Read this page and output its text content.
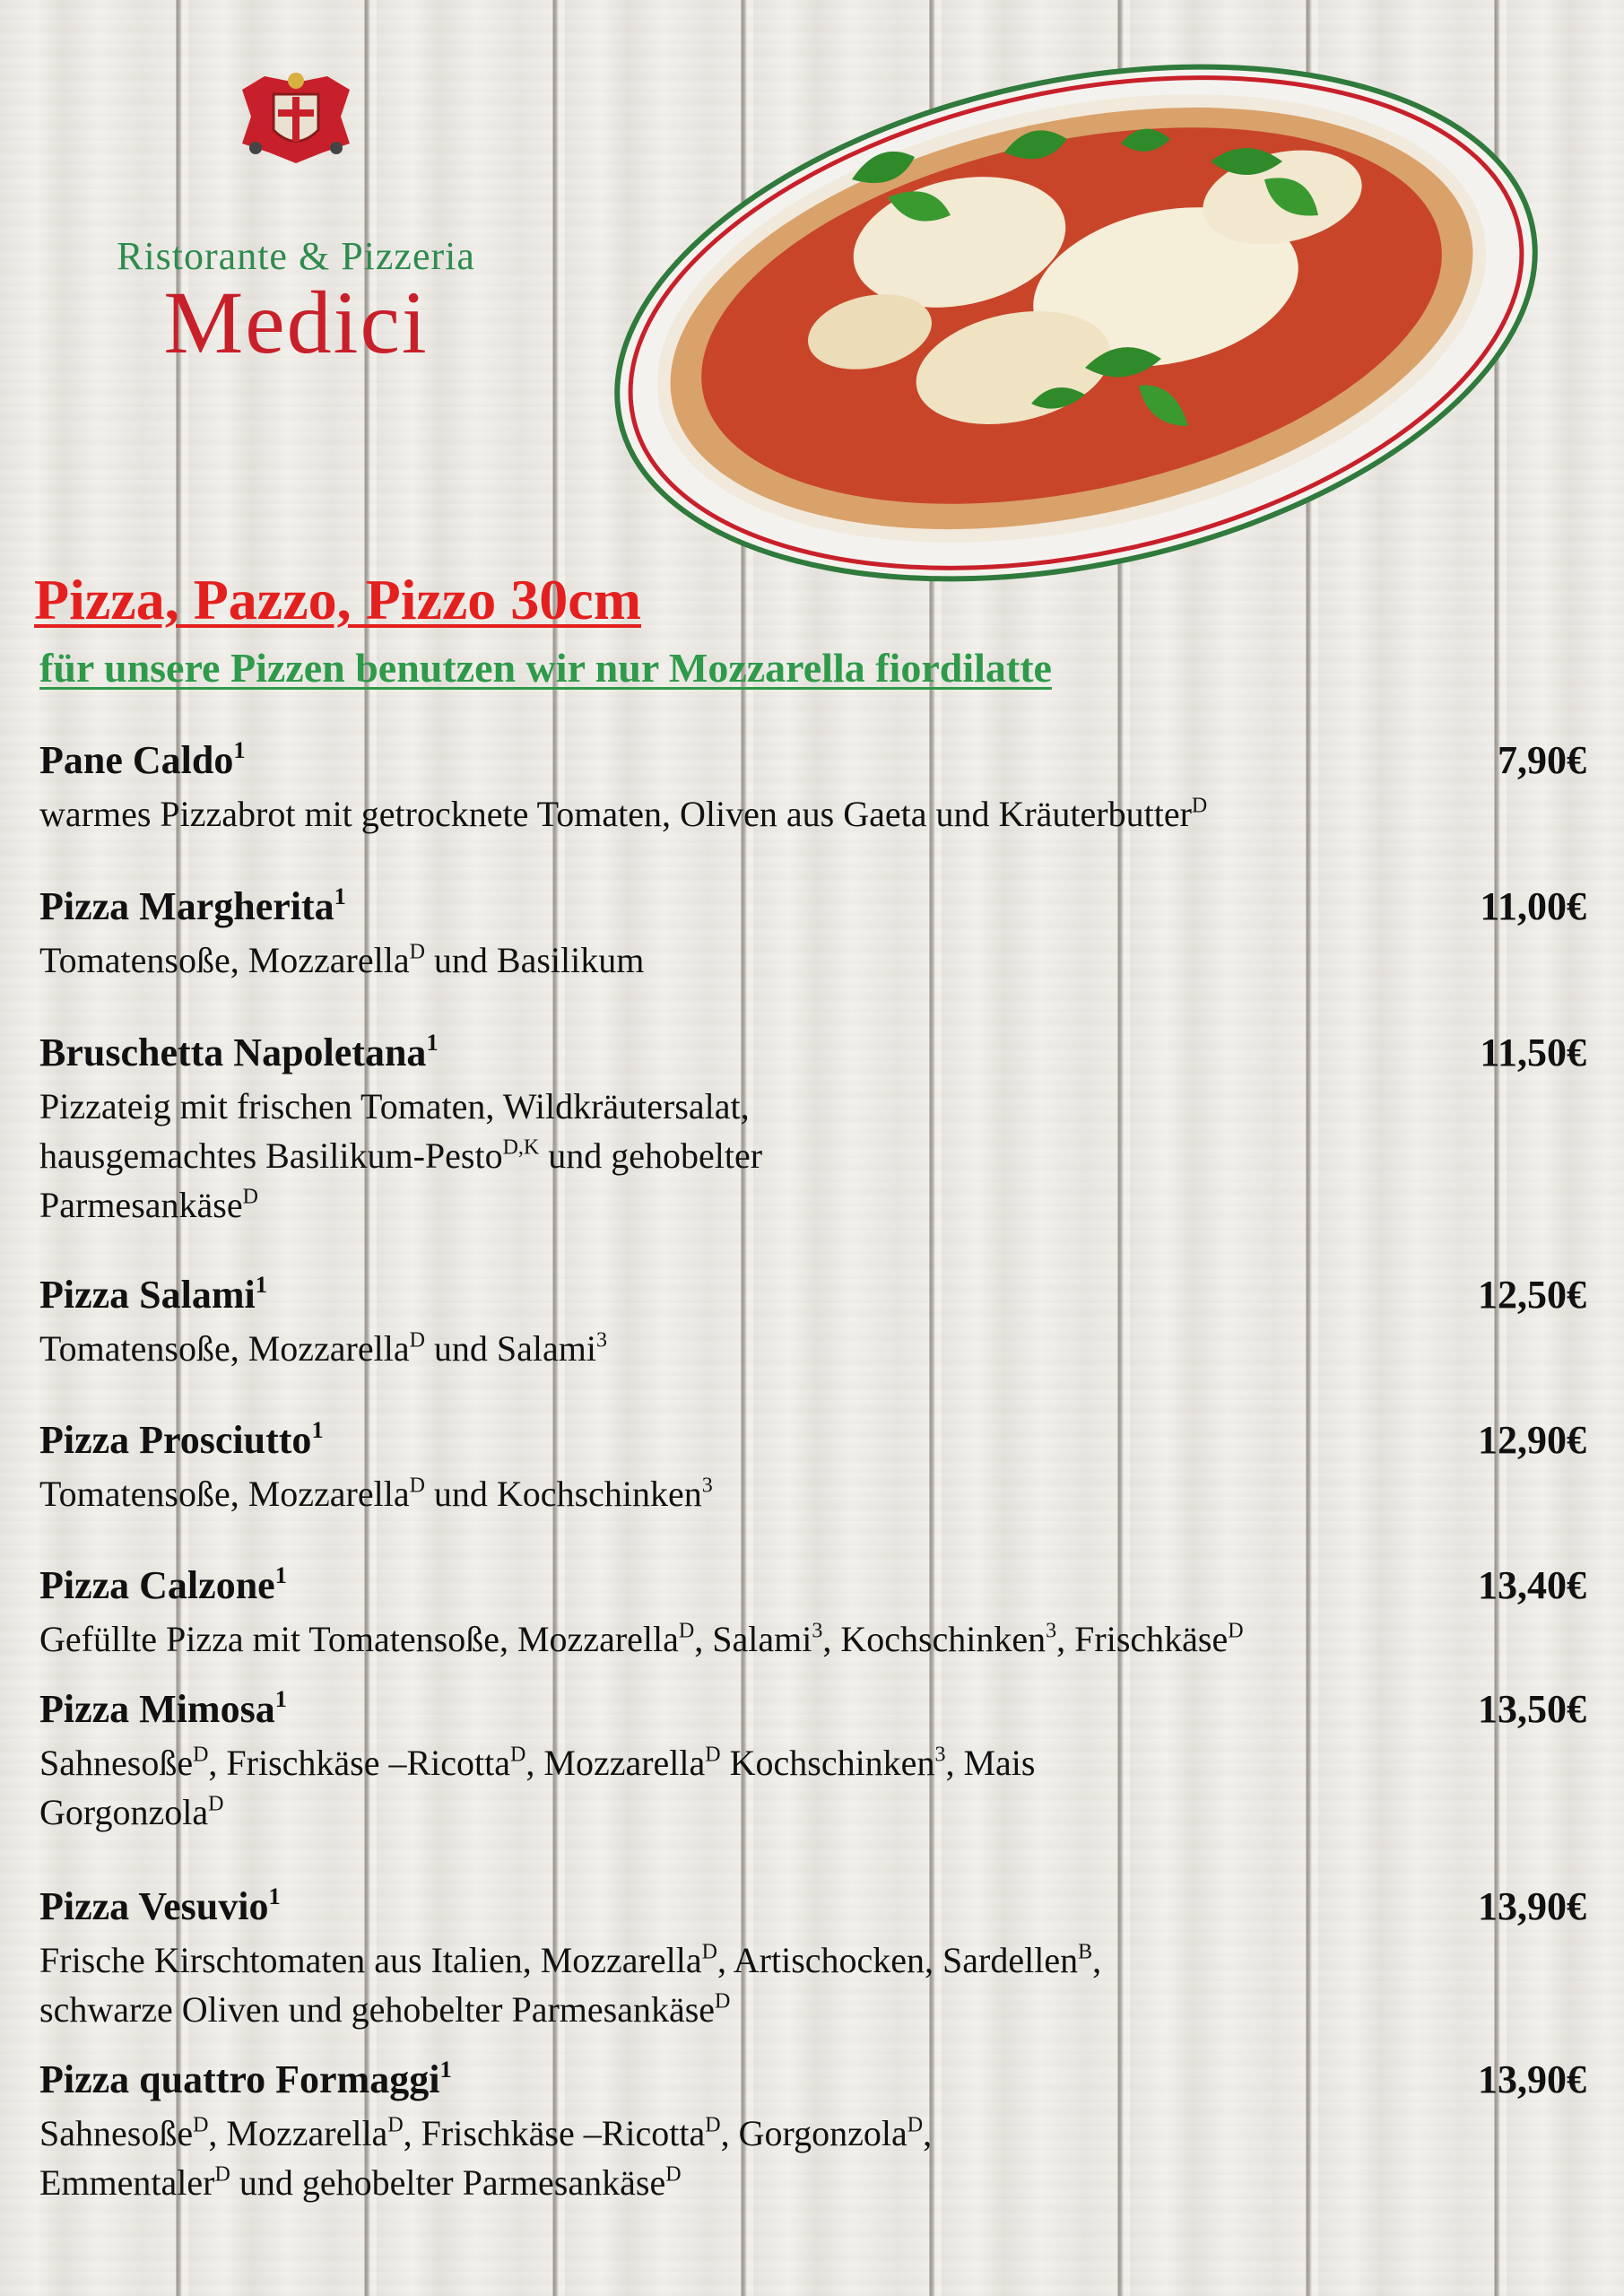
Ristorante & Pizzeria
Medici
Pizza, Pazzo, Pizzo 30cm
für unsere Pizzen benutzen wir nur Mozzarella fiordilatte
Pane Caldo$^1$	7,90€
warmes Pizzabrot mit getrocknete Tomaten, Oliven aus Gaeta und Kräuterbutter$^D$
Pizza Margherita$^1$	11,00€
Tomatensoße, Mozzarella$^D$ und Basilikum
Bruschetta Napoletana$^1$	11,50€
Pizzateig mit frischen Tomaten, Wildkräutersalat,
hausgemachtes Basilikum-Pesto$^{D,K}$ und gehobelter
Parmesankäse$^D$
Pizza Salami$^1$	12,50€
Tomatensoße, Mozzarella$^D$ und Salami$^3$
Pizza Prosciutto$^1$	12,90€
Tomatensoße, Mozzarella$^D$ und Kochschinken$^3$
Pizza Calzone$^1$	13,40€
Gefüllte Pizza mit Tomatensoße, Mozzarella$^D$, Salami$^3$, Kochschinken$^3$, Frischkäse$^D$
Pizza Mimosa$^1$	13,50€
Sahnesoße$^D$, Frischkäse –Ricotta$^D$, Mozzarella$^D$ Kochschinken$^3$, Mais
Gorgonzola$^D$
Pizza Vesuvio$^1$	13,90€
Frische Kirschtomaten aus Italien, Mozzarella$^D$, Artischocken, Sardellen$^B$,
schwarze Oliven und gehobelter Parmesankäse$^D$
Pizza quattro Formaggi$^1$	13,90€
Sahnesoße$^D$, Mozzarella$^D$, Frischkäse –Ricotta$^D$, Gorgonzola$^D$,
Emmentaler$^D$ und gehobelter Parmesankäse$^D$
